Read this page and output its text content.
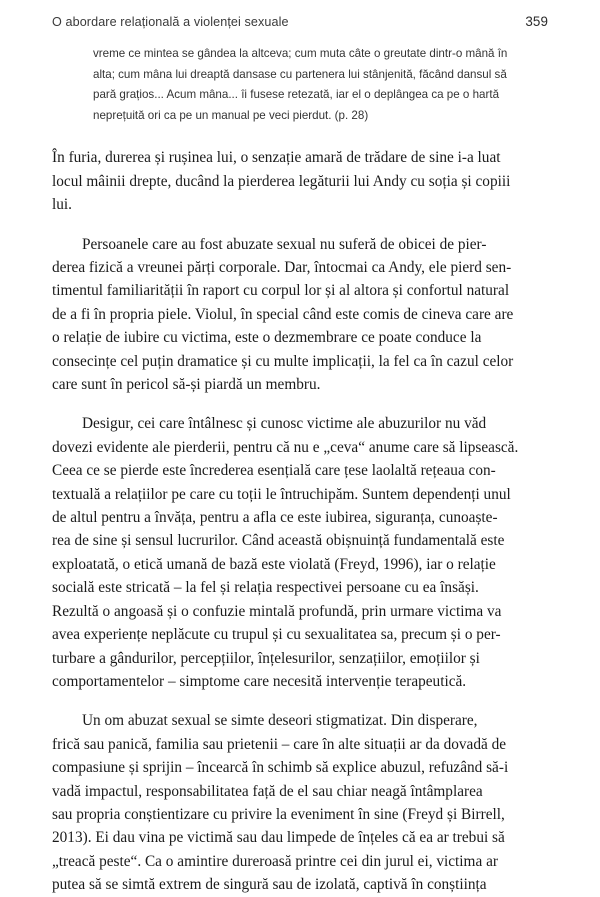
O abordare relațională a violenței sexuale	359
vreme ce mintea se gândea la altceva; cum muta câte o greutate dintr-o mână în
alta; cum mâna lui dreaptă dansase cu partenera lui stânjenită, făcând dansul să
pară grațios... Acum mâna... îi fusese retezată, iar el o deplângea ca pe o hartă
neprețuită ori ca pe un manual pe veci pierdut. (p. 28)

În furia, durerea și rușinea lui, o senzație amară de trădare de sine i-a luat
locul mâinii drepte, ducând la pierderea legăturii lui Andy cu soția și copiii
lui.

Persoanele care au fost abuzate sexual nu suferă de obicei de pier-
derea fizică a vreunei părți corporale. Dar, întocmai ca Andy, ele pierd sen-
timentul familiarității în raport cu corpul lor și al altora și confortul natural
de a fi în propria piele. Violul, în special când este comis de cineva care are
o relație de iubire cu victima, este o dezmembrare ce poate conduce la
consecințe cel puțin dramatice și cu multe implicații, la fel ca în cazul celor
care sunt în pericol să-și piardă un membru.

Desigur, cei care întâlnesc și cunosc victime ale abuzurilor nu văd
dovezi evidente ale pierderii, pentru că nu e „ceva“ anume care să lipsească.
Ceea ce se pierde este încrederea esențială care țese laolaltă rețeaua con-
textuală a relațiilor pe care cu toții le întruchipăm. Suntem dependenți unul
de altul pentru a învăța, pentru a afla ce este iubirea, siguranța, cunoaște-
rea de sine și sensul lucrurilor. Când această obișnuință fundamentală este
exploatată, o etică umană de bază este violată (Freyd, 1996), iar o relație
socială este stricată – la fel și relația respectivei persoane cu ea însăși.
Rezultă o angoasă și o confuzie mintală profundă, prin urmare victima va
avea experiențe neplăcute cu trupul și cu sexualitatea sa, precum și o per-
turbare a gândurilor, percepțiilor, înțelesurilor, senzațiilor, emoțiilor și
comportamentelor – simptome care necesită intervenție terapeutică.

Un om abuzat sexual se simte deseori stigmatizat. Din disperare,
frică sau panică, familia sau prietenii – care în alte situații ar da dovadă de
compasiune și sprijin – încearcă în schimb să explice abuzul, refuzând să-i
vadă impactul, responsabilitatea față de el sau chiar neagă întâmplarea
sau propria conștientizare cu privire la eveniment în sine (Freyd și Birrell,
2013). Ei dau vina pe victimă sau dau limpede de înțeles că ea ar trebui să
„treacă peste“. Ca o amintire dureroasă printre cei din jurul ei, victima ar
putea să se simtă extrem de singură sau de izolată, captivă în conștiința
